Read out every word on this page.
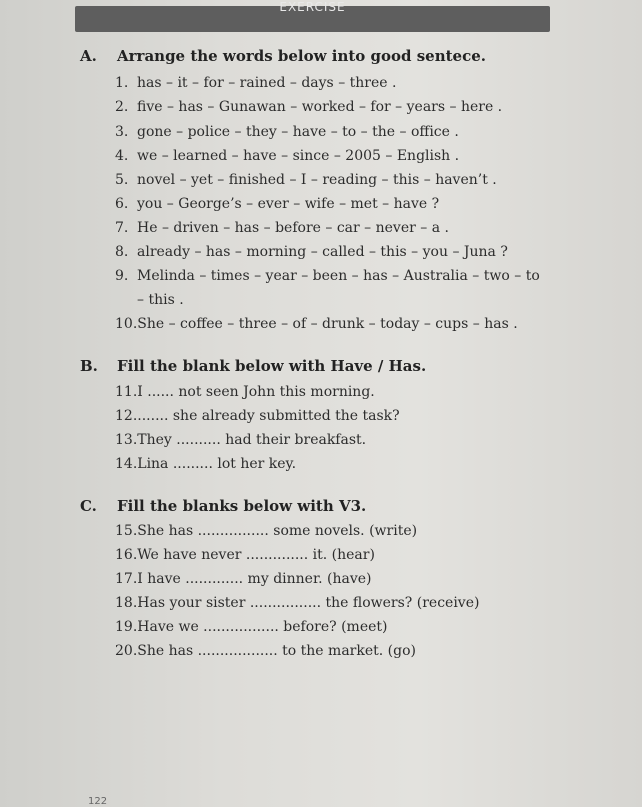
EXERCISE
A. Arrange the words below into good sentece.
1. has – it – for – rained – days – three .
2. five – has – Gunawan – worked – for – years – here .
3. gone – police – they – have – to – the – office .
4. we – learned – have – since – 2005 – English .
5. novel – yet – finished – I – reading – this – haven’t .
6. you – George’s – ever – wife – met – have ?
7. He – driven – has – before – car – never – a .
8. already – has – morning – called – this – you – Juna ?
9. Melinda – times – year – been – has – Australia – two – to
– this .
10.She – coffee – three – of – drunk – today – cups – has .
B. Fill the blank below with Have / Has.
11.I ...... not seen John this morning.
12........ she already submitted the task?
13.They .......... had their breakfast.
14.Lina ......... lot her key.
C. Fill the blanks below with V3.
15.She has ................ some novels. (write)
16.We have never .............. it. (hear)
17.I have ............. my dinner. (have)
18.Has your sister ................ the flowers? (receive)
19.Have we ................. before? (meet)
20.She has .................. to the market. (go)
122
